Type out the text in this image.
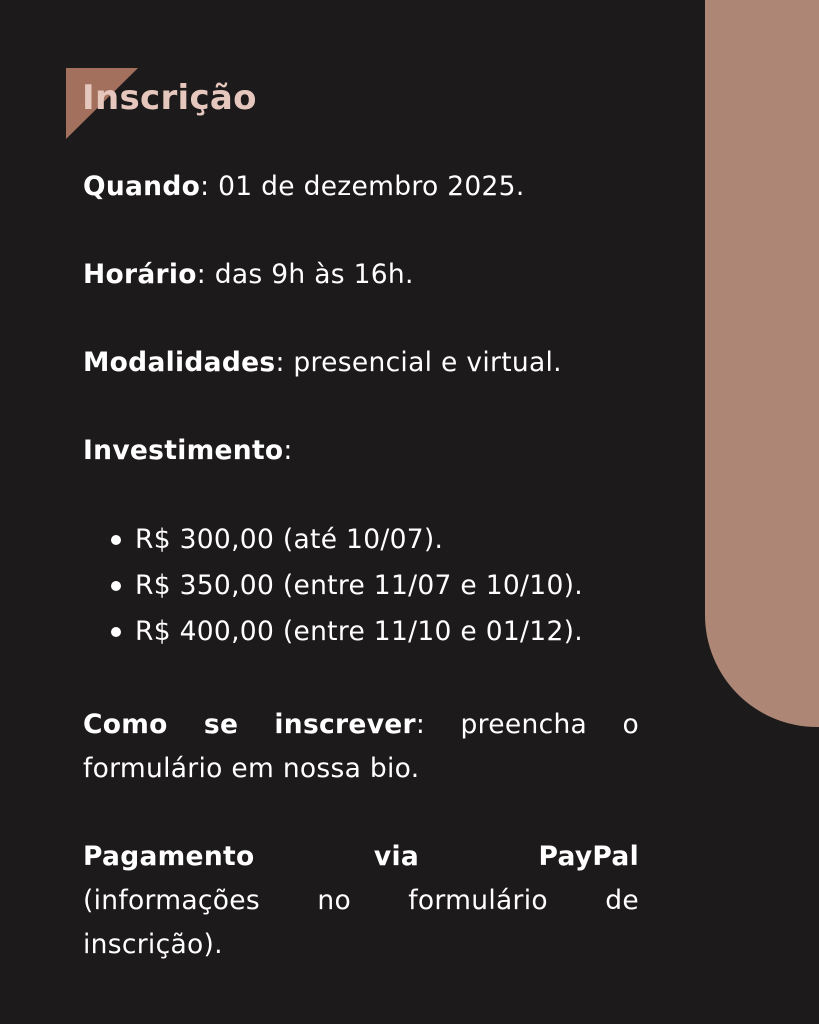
Inscrição

Quando: 01 de dezembro 2025.

Horário: das 9h às 16h.

Modalidades: presencial e virtual.

Investimento:

R$ 300,00 (até 10/07).
R$ 350,00 (entre 11/07 e 10/10).
R$ 400,00 (entre 11/10 e 01/12).

Como se inscrever: preencha o formulário em nossa bio.

Pagamento via PayPal

(informações no formulário de inscrição).
